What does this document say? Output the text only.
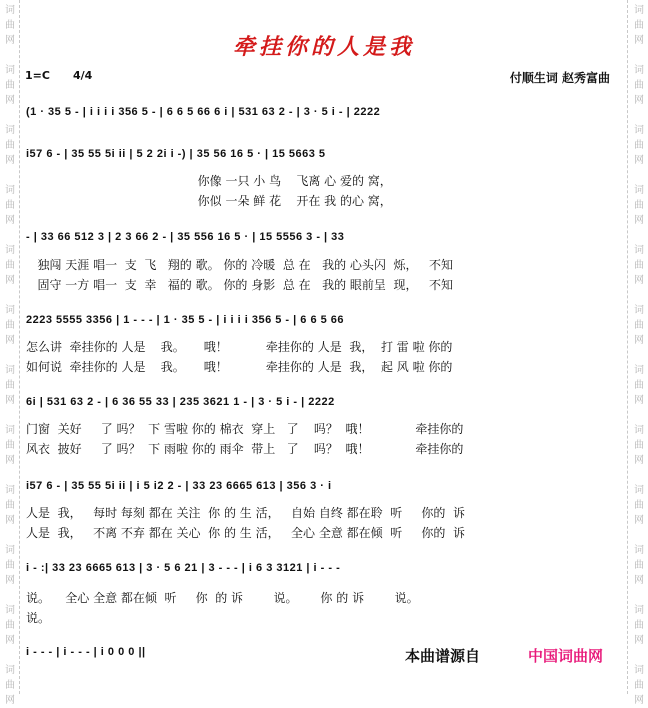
词
曲
网
词
曲
网
词
曲
网
词
曲
网
词
曲
网
词
曲
网
词
曲
网
词
曲
网
词
曲
网
词
曲
网
词
曲
网
词
曲
网
词
曲
网
词
曲
网
词
曲
网
词
曲
网
词
曲
网
词
曲
网
词
曲
网
词
曲
网
词
曲
网
词
曲
网
词
曲
网
词
曲
网
牵挂你的人是我
1=C 4/4	付顺生词 赵秀富曲
(1 · 35 5 - | i i i i 356 5 - | 6 6 5 66 6 i | 531 63 2 - | 3 · 5 i - | 2222
i57 6 - | 35 55 5i ii | 5 2 2i i -) | 35 56 16 5 · | 15 5663 5
你像 一只 小 鸟    飞离 心 爱的 窝，
你似 一朵 鲜 花    开在 我 的心 窝，
- | 33 66 512 3 | 2 3 66 2 - | 35 556 16 5 · | 15 5556 3 - | 33
独闯 天涯 唱一  支  飞   翔的 歌。 你的 冷暖  总 在   我的 心头闪  烁，   不知
固守 一方 唱一  支  幸   福的 歌。 你的 身影  总 在   我的 眼前呈  现，   不知
2223 5555 3356 | 1 - - - | 1 · 35 5 - | i i i i 356 5 - | 6 6 5 66
怎么讲  牵挂你的 人是    我。     哦！          牵挂你的 人是  我，  打 雷 啦 你的
如何说  牵挂你的 人是    我。     哦！          牵挂你的 人是  我，  起 风 啦 你的
6i | 531 63 2 - | 6 36 55 33 | 235 3621 1 - | 3 · 5 i - | 2222
门窗  关好     了 吗？  下 雪啦 你的 棉衣  穿上   了    吗？  哦！            牵挂你的
风衣  披好     了 吗？  下 雨啦 你的 雨伞  带上   了    吗？  哦！            牵挂你的
i57 6 - | 35 55 5i ii | i 5 i2 2 - | 33 23 6665 613 | 356 3 · i
人是  我，   每时 每刻 都在 关注  你 的 生 活，   自始 自终 都在聆  听     你的  诉
人是  我，   不离 不弃 都在 关心  你 的 生 活，   全心 全意 都在倾  听     你的  诉
i - :| 33 23 6665 613 | 3 · 5 6 21 | 3 - - - | i 6 3 3121 | i - - -
说。    全心 全意 都在倾  听     你  的 诉        说。      你 的 诉        说。
说。
i - - - | i - - - | i 0 0 0 ||	本曲谱源自	中国词曲网
